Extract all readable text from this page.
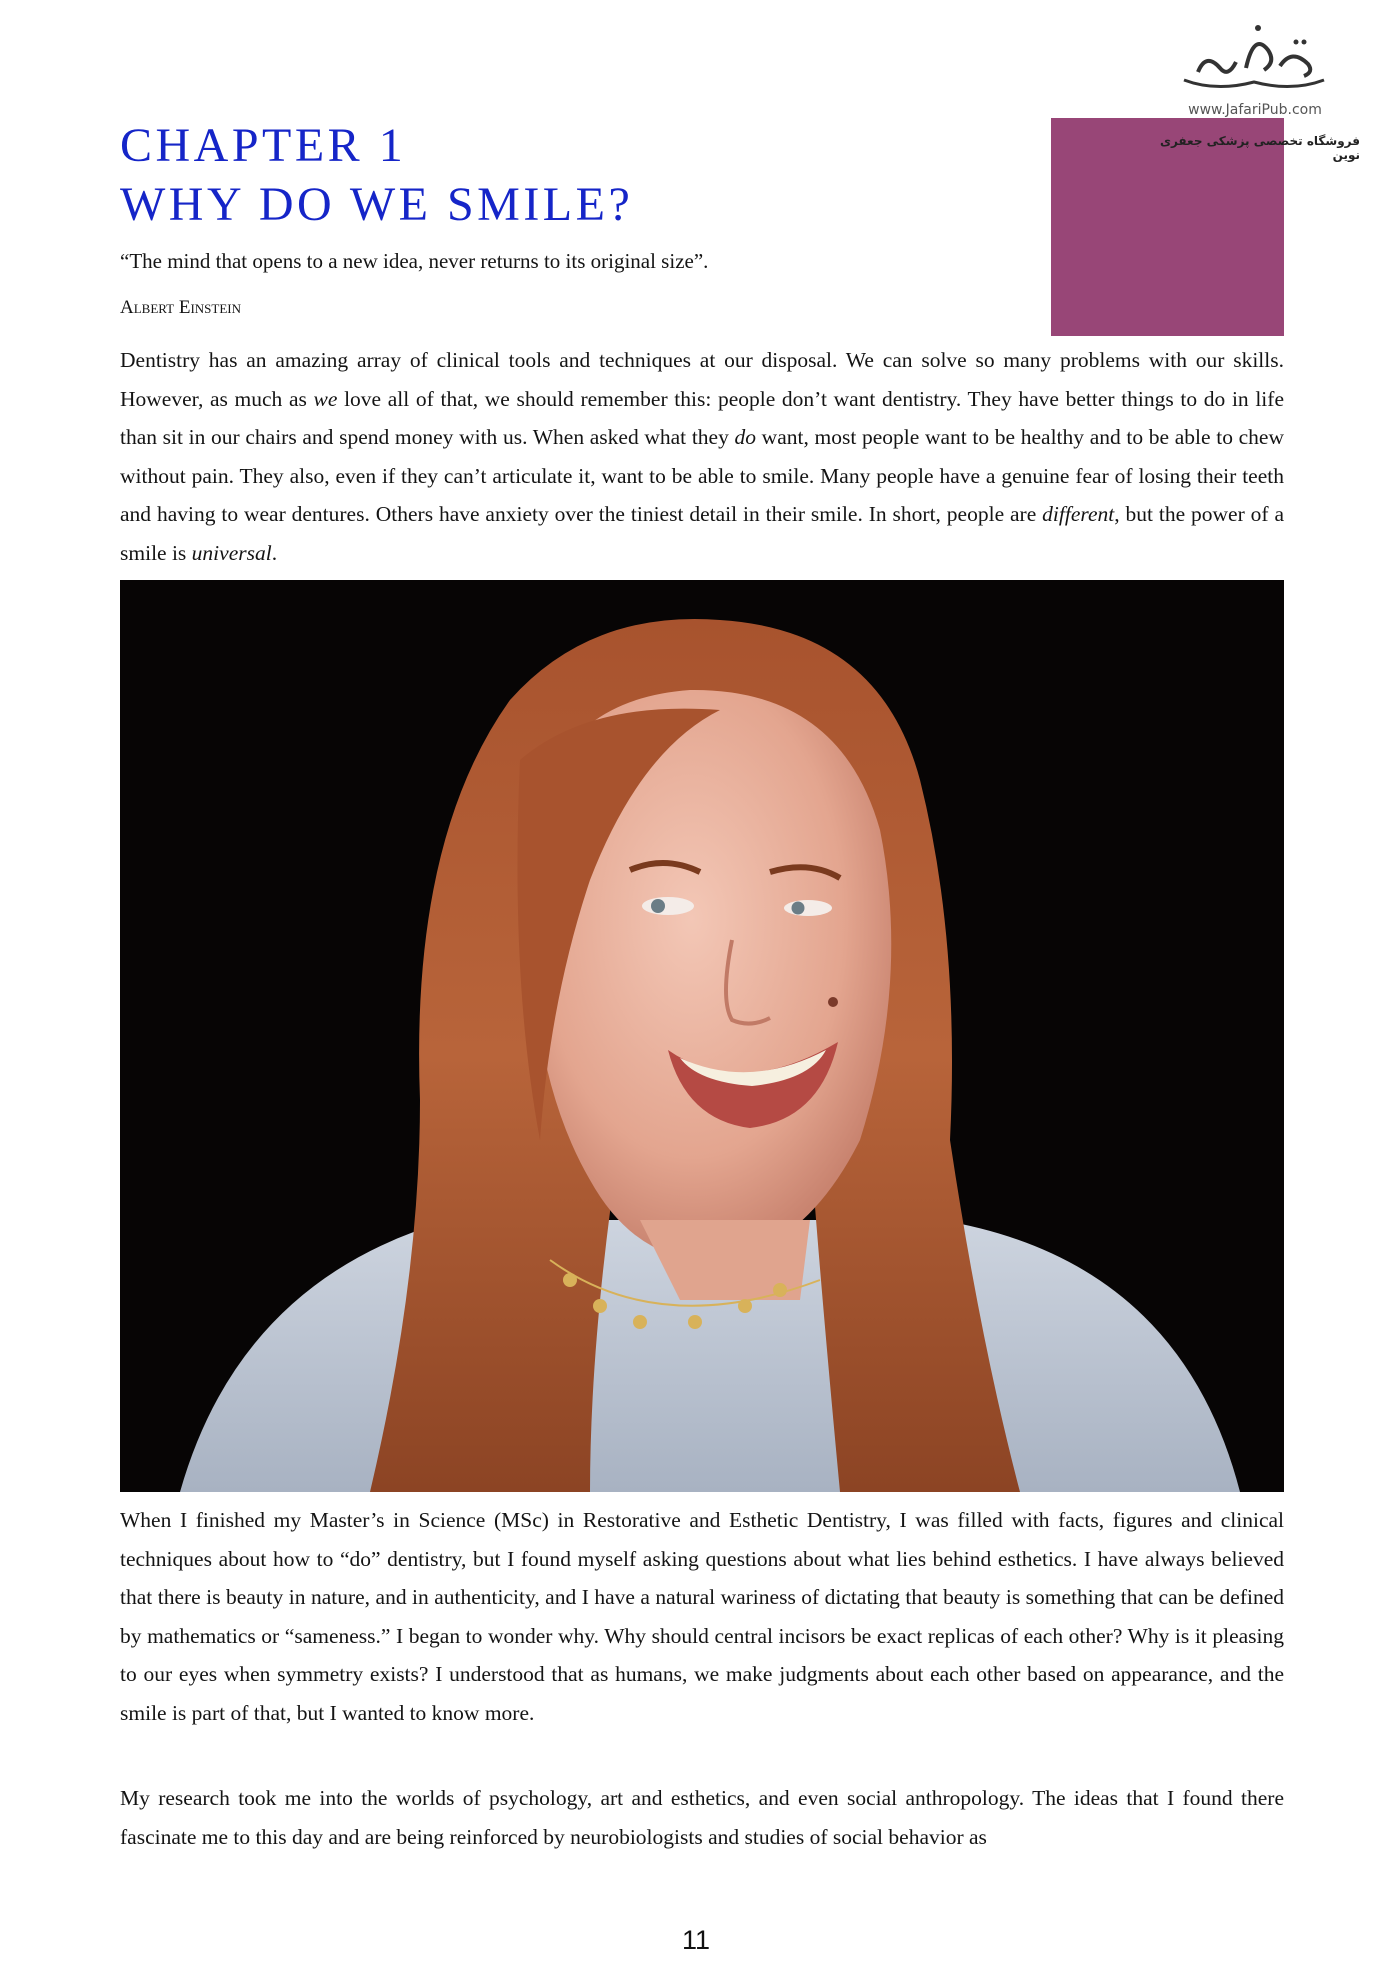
www.JafariPub.com
فروشگاه تخصصی پزشکی جعفری نوین
CHAPTER 1
WHY DO WE SMILE?

“The mind that opens to a new idea, never returns to its original size”.

Albert Einstein

Dentistry has an amazing array of clinical tools and techniques at our disposal. We can solve so many problems with our skills. However, as much as we love all of that, we should remember this: people don’t want dentistry. They have better things to do in life than sit in our chairs and spend money with us. When asked what they do want, most people want to be healthy and to be able to chew without pain. They also, even if they can’t articulate it, want to be able to smile. Many people have a genuine fear of losing their teeth and having to wear dentures. Others have anxiety over the tiniest detail in their smile. In short, people are different, but the power of a smile is universal.

When I finished my Master’s in Science (MSc) in Restorative and Esthetic Dentistry, I was filled with facts, figures and clinical techniques about how to “do” dentistry, but I found myself asking questions about what lies behind esthetics. I have always believed that there is beauty in nature, and in authenticity, and I have a natural wariness of dictating that beauty is something that can be defined by mathematics or “sameness.” I began to wonder why. Why should central incisors be exact replicas of each other? Why is it pleasing to our eyes when symmetry exists? I understood that as humans, we make judgments about each other based on appearance, and the smile is part of that, but I wanted to know more.

My research took me into the worlds of psychology, art and esthetics, and even social anthropology. The ideas that I found there fascinate me to this day and are being reinforced by neurobiologists and studies of social behavior as

11
